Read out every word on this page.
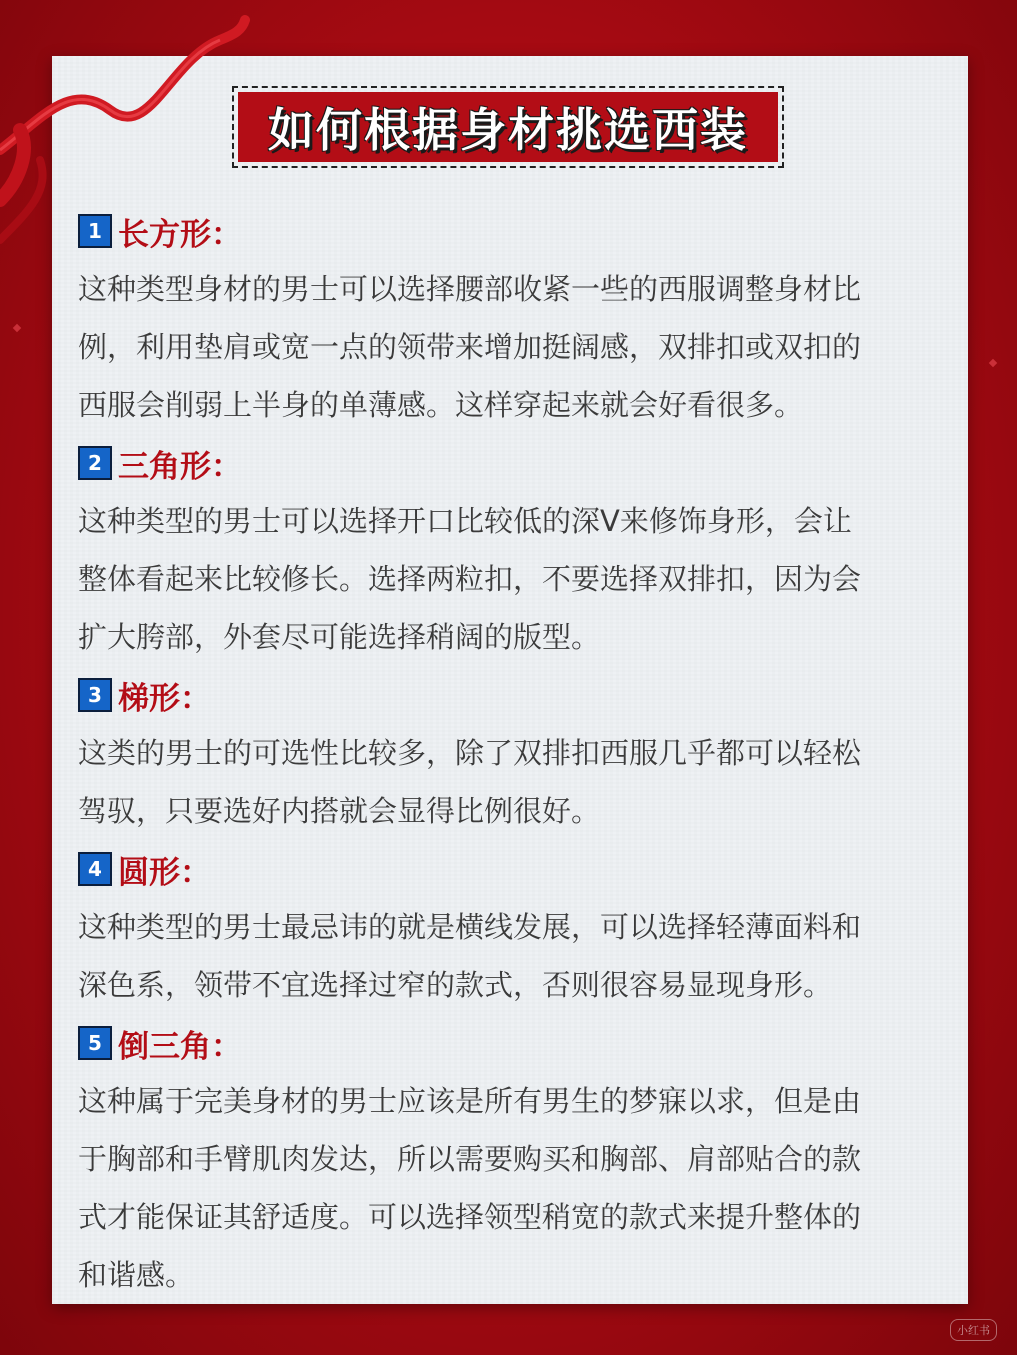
如何根据身材挑选西装
1 长方形：
这种类型身材的男士可以选择腰部收紧一些的西服调整身材比
例，利用垫肩或宽一点的领带来增加挺阔感，双排扣或双扣的
西服会削弱上半身的单薄感。这样穿起来就会好看很多。
2 三角形：
这种类型的男士可以选择开口比较低的深V来修饰身形，会让
整体看起来比较修长。选择两粒扣，不要选择双排扣，因为会
扩大胯部，外套尽可能选择稍阔的版型。
3 梯形：
这类的男士的可选性比较多，除了双排扣西服几乎都可以轻松
驾驭，只要选好内搭就会显得比例很好。
4 圆形：
这种类型的男士最忌讳的就是横线发展，可以选择轻薄面料和
深色系，领带不宜选择过窄的款式，否则很容易显现身形。
5 倒三角：
这种属于完美身材的男士应该是所有男生的梦寐以求，但是由
于胸部和手臂肌肉发达，所以需要购买和胸部、肩部贴合的款
式才能保证其舒适度。可以选择领型稍宽的款式来提升整体的
和谐感。
小红书
